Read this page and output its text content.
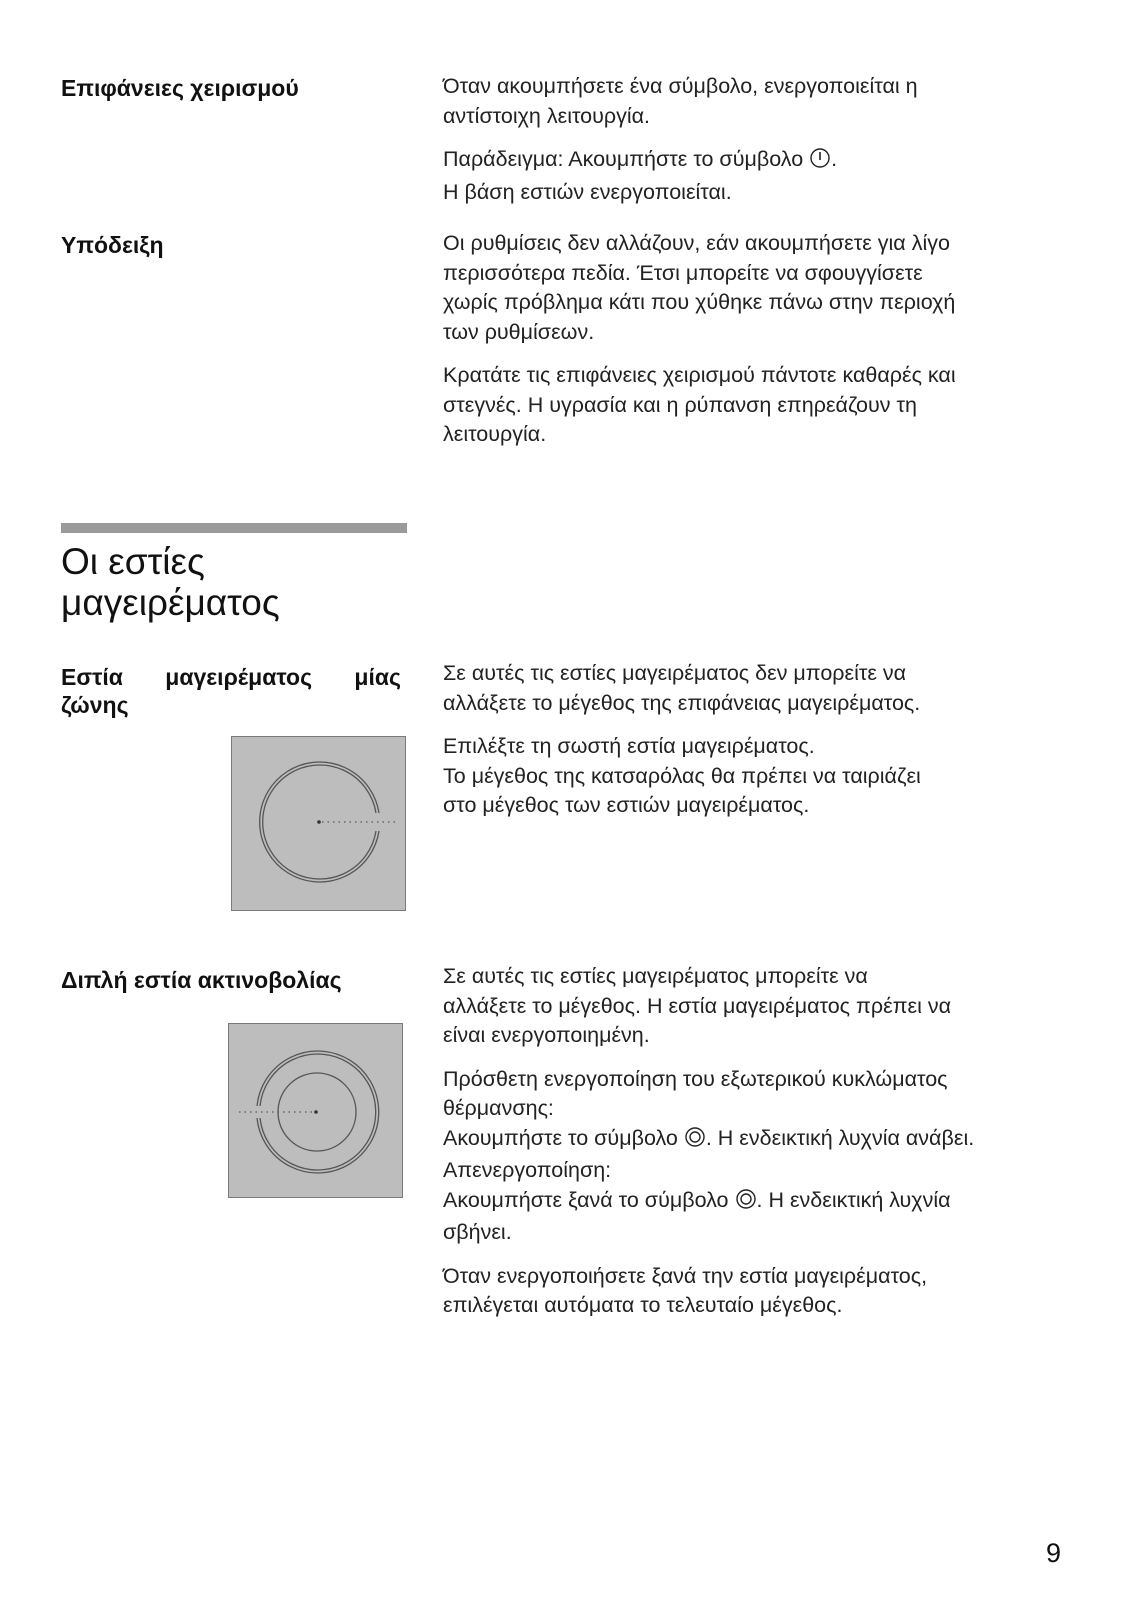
Επιφάνειες χειρισμού	Όταν ακουμπήσετε ένα σύμβολο, ενεργοποιείται η
αντίστοιχη λειτουργία.

Παράδειγμα: Ακουμπήστε το σύμβολο .
Η βάση εστιών ενεργοποιείται.

Υπόδειξη	Οι ρυθμίσεις δεν αλλάζουν, εάν ακουμπήσετε για λίγο
περισσότερα πεδία. Έτσι μπορείτε να σφουγγίσετε
χωρίς πρόβλημα κάτι που χύθηκε πάνω στην περιοχή
των ρυθμίσεων.

Κρατάτε τις επιφάνειες χειρισμού πάντοτε καθαρές και
στεγνές. Η υγρασία και η ρύπανση επηρεάζουν τη
λειτουργία.

Οι εστίες
μαγειρέματος
Εστία μαγειρέματος μίας
ζώνης

Σε αυτές τις εστίες μαγειρέματος δεν μπορείτε να
αλλάξετε το μέγεθος της επιφάνειας μαγειρέματος.

Επιλέξτε τη σωστή εστία μαγειρέματος.
Το μέγεθος της κατσαρόλας θα πρέπει να ταιριάζει
στο μέγεθος των εστιών μαγειρέματος.

Διπλή εστία ακτινοβολίας	Σε αυτές τις εστίες μαγειρέματος μπορείτε να
αλλάξετε το μέγεθος. Η εστία μαγειρέματος πρέπει να
είναι ενεργοποιημένη.

Πρόσθετη ενεργοποίηση του εξωτερικού κυκλώματος
θέρμανσης:
Ακουμπήστε το σύμβολο . Η ενδεικτική λυχνία ανάβει.
Απενεργοποίηση:
Ακουμπήστε ξανά το σύμβολο . Η ενδεικτική λυχνία
σβήνει.

Όταν ενεργοποιήσετε ξανά την εστία μαγειρέματος,
επιλέγεται αυτόματα το τελευταίο μέγεθος.

9
